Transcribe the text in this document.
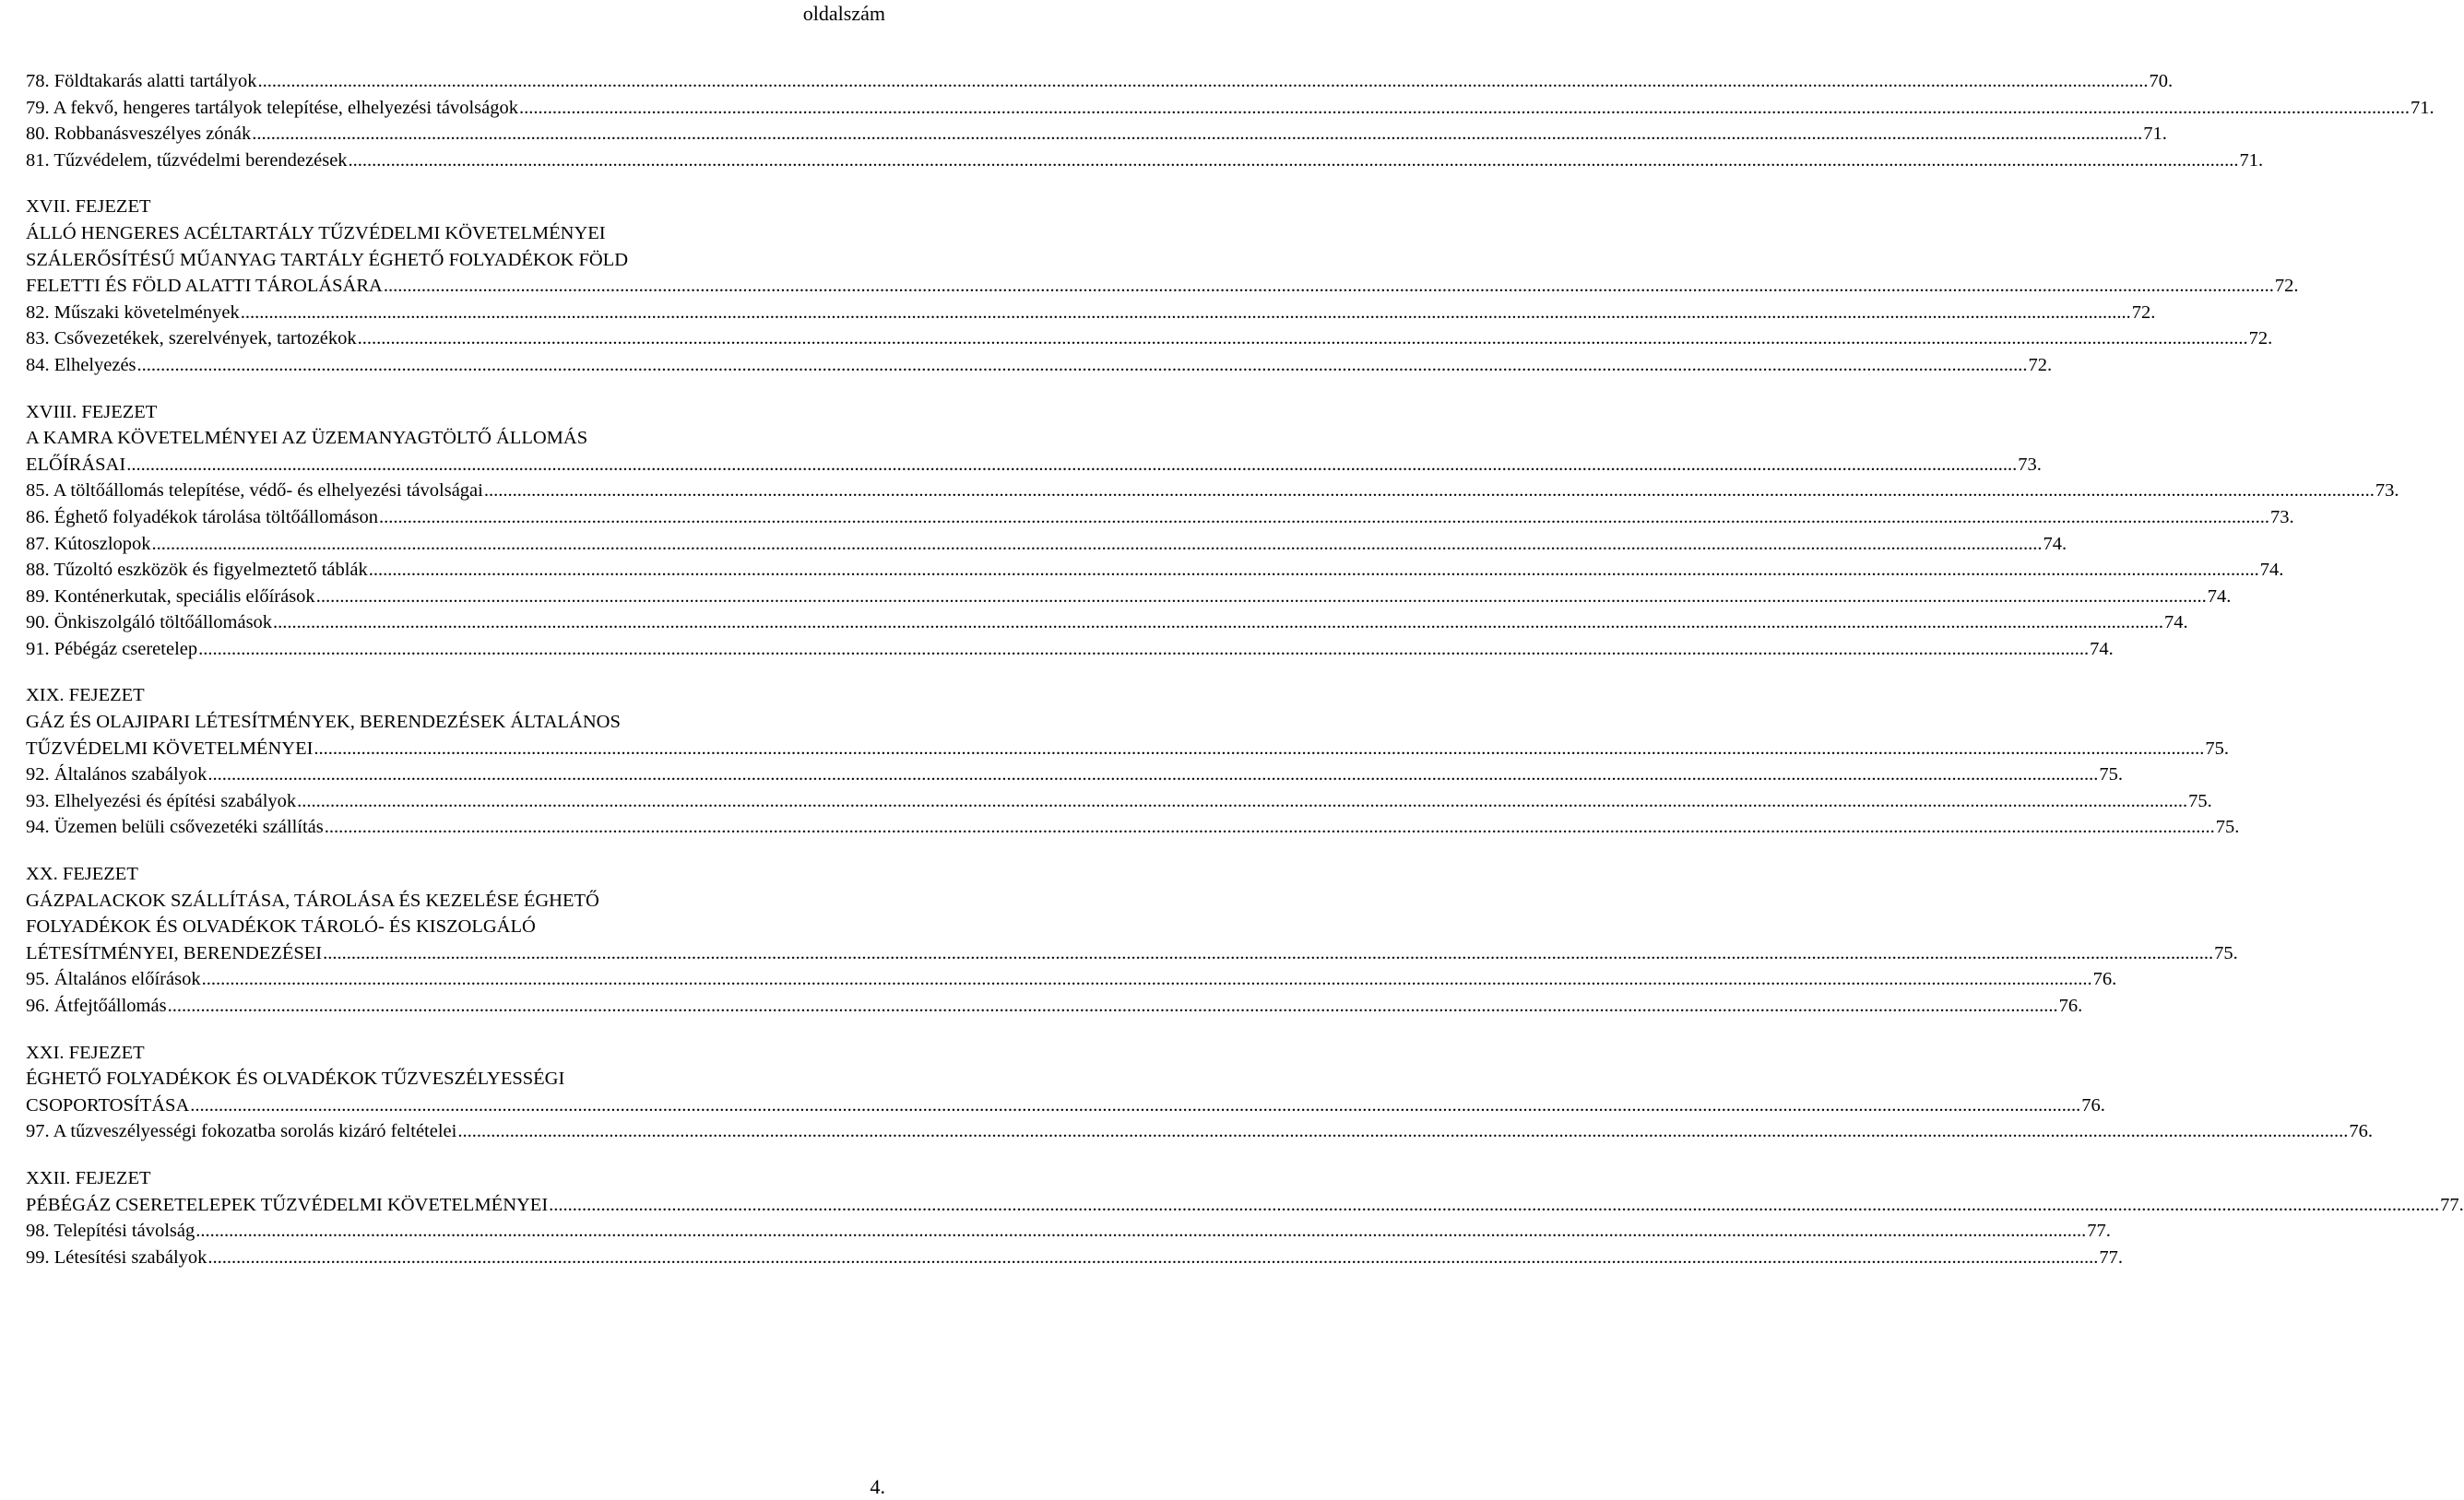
oldalszám
78. Földtakarás alatti tartályok ................................................................................................................................................................................................................................................................................................................................................................................................................ 70.
79. A fekvő, hengeres tartályok telepítése, elhelyezési távolságok ................................................................................................................................................................................................................................................................................................................................................................................................................ 71.
80. Robbanásveszélyes zónák ................................................................................................................................................................................................................................................................................................................................................................................................................ 71.
81. Tűzvédelem, tűzvédelmi berendezések ................................................................................................................................................................................................................................................................................................................................................................................................................ 71.
XVII. FEJEZET
ÁLLÓ HENGERES ACÉLTARTÁLY TŰZVÉDELMI KÖVETELMÉNYEI
SZÁLERŐSÍTÉSŰ MŰANYAG TARTÁLY ÉGHETŐ FOLYADÉKOK FÖLD
FELETTI ÉS FÖLD ALATTI TÁROLÁSÁRA ................................................................................................................................................................................................................................................................................................................................................................................................................ 72.
82. Műszaki követelmények ................................................................................................................................................................................................................................................................................................................................................................................................................ 72.
83. Csővezetékek, szerelvények, tartozékok ................................................................................................................................................................................................................................................................................................................................................................................................................ 72.
84. Elhelyezés ................................................................................................................................................................................................................................................................................................................................................................................................................ 72.
XVIII. FEJEZET
A KAMRA KÖVETELMÉNYEI AZ ÜZEMANYAGTÖLTŐ ÁLLOMÁS
ELŐÍRÁSAI ................................................................................................................................................................................................................................................................................................................................................................................................................ 73.
85. A töltőállomás telepítése, védő- és elhelyezési távolságai ................................................................................................................................................................................................................................................................................................................................................................................................................ 73.
86. Éghető folyadékok tárolása töltőállomáson ................................................................................................................................................................................................................................................................................................................................................................................................................ 73.
87. Kútoszlopok ................................................................................................................................................................................................................................................................................................................................................................................................................ 74.
88. Tűzoltó eszközök és figyelmeztető táblák ................................................................................................................................................................................................................................................................................................................................................................................................................ 74.
89. Konténerkutak, speciális előírások ................................................................................................................................................................................................................................................................................................................................................................................................................ 74.
90. Önkiszolgáló töltőállomások ................................................................................................................................................................................................................................................................................................................................................................................................................ 74.
91. Pébégáz cseretelep ................................................................................................................................................................................................................................................................................................................................................................................................................ 74.
XIX. FEJEZET
GÁZ ÉS OLAJIPARI LÉTESÍTMÉNYEK, BERENDEZÉSEK ÁLTALÁNOS
TŰZVÉDELMI KÖVETELMÉNYEI ................................................................................................................................................................................................................................................................................................................................................................................................................ 75.
92. Általános szabályok ................................................................................................................................................................................................................................................................................................................................................................................................................ 75.
93. Elhelyezési és építési szabályok ................................................................................................................................................................................................................................................................................................................................................................................................................ 75.
94. Üzemen belüli csővezetéki szállítás ................................................................................................................................................................................................................................................................................................................................................................................................................ 75.
XX. FEJEZET
GÁZPALACKOK SZÁLLÍTÁSA, TÁROLÁSA ÉS KEZELÉSE ÉGHETŐ
FOLYADÉKOK ÉS OLVADÉKOK TÁROLÓ- ÉS KISZOLGÁLÓ
LÉTESÍTMÉNYEI, BERENDEZÉSEI ................................................................................................................................................................................................................................................................................................................................................................................................................ 75.
95. Általános előírások ................................................................................................................................................................................................................................................................................................................................................................................................................ 76.
96. Átfejtőállomás ................................................................................................................................................................................................................................................................................................................................................................................................................ 76.
XXI. FEJEZET
ÉGHETŐ FOLYADÉKOK ÉS OLVADÉKOK TŰZVESZÉLYESSÉGI
CSOPORTOSÍTÁSA ................................................................................................................................................................................................................................................................................................................................................................................................................ 76.
97. A tűzveszélyességi fokozatba sorolás kizáró feltételei ................................................................................................................................................................................................................................................................................................................................................................................................................ 76.
XXII. FEJEZET
PÉBÉGÁZ CSERETELEPEK TŰZVÉDELMI KÖVETELMÉNYEI ................................................................................................................................................................................................................................................................................................................................................................................................................ 77.
98. Telepítési távolság ................................................................................................................................................................................................................................................................................................................................................................................................................ 77.
99. Létesítési szabályok ................................................................................................................................................................................................................................................................................................................................................................................................................ 77.
4.
